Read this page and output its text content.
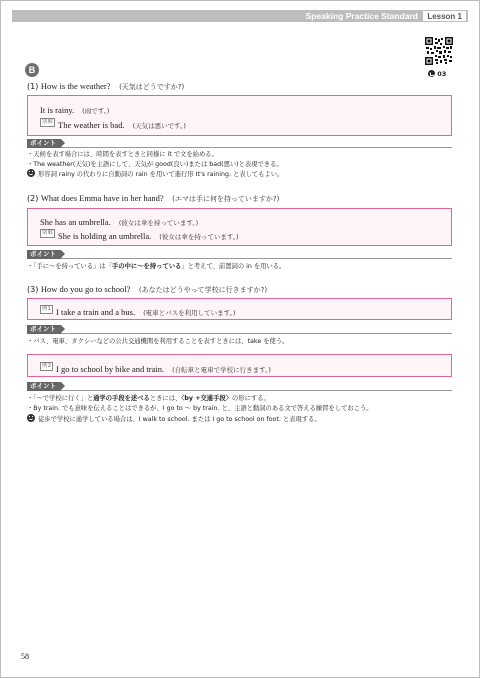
Speaking Practice Standard	Lesson 1
03
B
(1) How is the weather? (天気はどうですか?)
It is rainy. (雨です。)
別解 The weather is bad. (天気は悪いです。)
ポイント
・天候を表す場合には、時間を表すときと同様に it で文を始める。
・The weather(天気)を主語にして、天気が good(良い)または bad(悪い)と表現できる。
形容詞 rainy の代わりに自動詞の rain を用いて進行形 It's raining. と表してもよい。
(2) What does Emma have in her hand? (エマは手に何を持っていますか?)
She has an umbrella. (彼女は傘を持っています。)
別解 She is holding an umbrella. (彼女は傘を持っています。)
ポイント
・「手に〜を持っている」は「手の中に〜を持っている」と考えて、前置詞の in を用いる。
(3) How do you go to school? (あなたはどうやって学校に行きますか?)
例1 I take a train and a bus. (電車とバスを利用しています。)
ポイント
・バス、電車、タクシーなどの公共交通機関を利用することを表すときには、take を使う。
例2 I go to school by bike and train. (自転車と電車で学校に行きます。)
ポイント
・「〜で学校に行く」と通学の手段を述べるときには、〈by +交通手段〉の形にする。
・By train. でも意味を伝えることはできるが、I go to 〜 by train. と、主語と動詞のある文で答える練習をしておこう。
徒歩で学校に通学している場合は、I walk to school. または I go to school on foot. と表現する。
58
